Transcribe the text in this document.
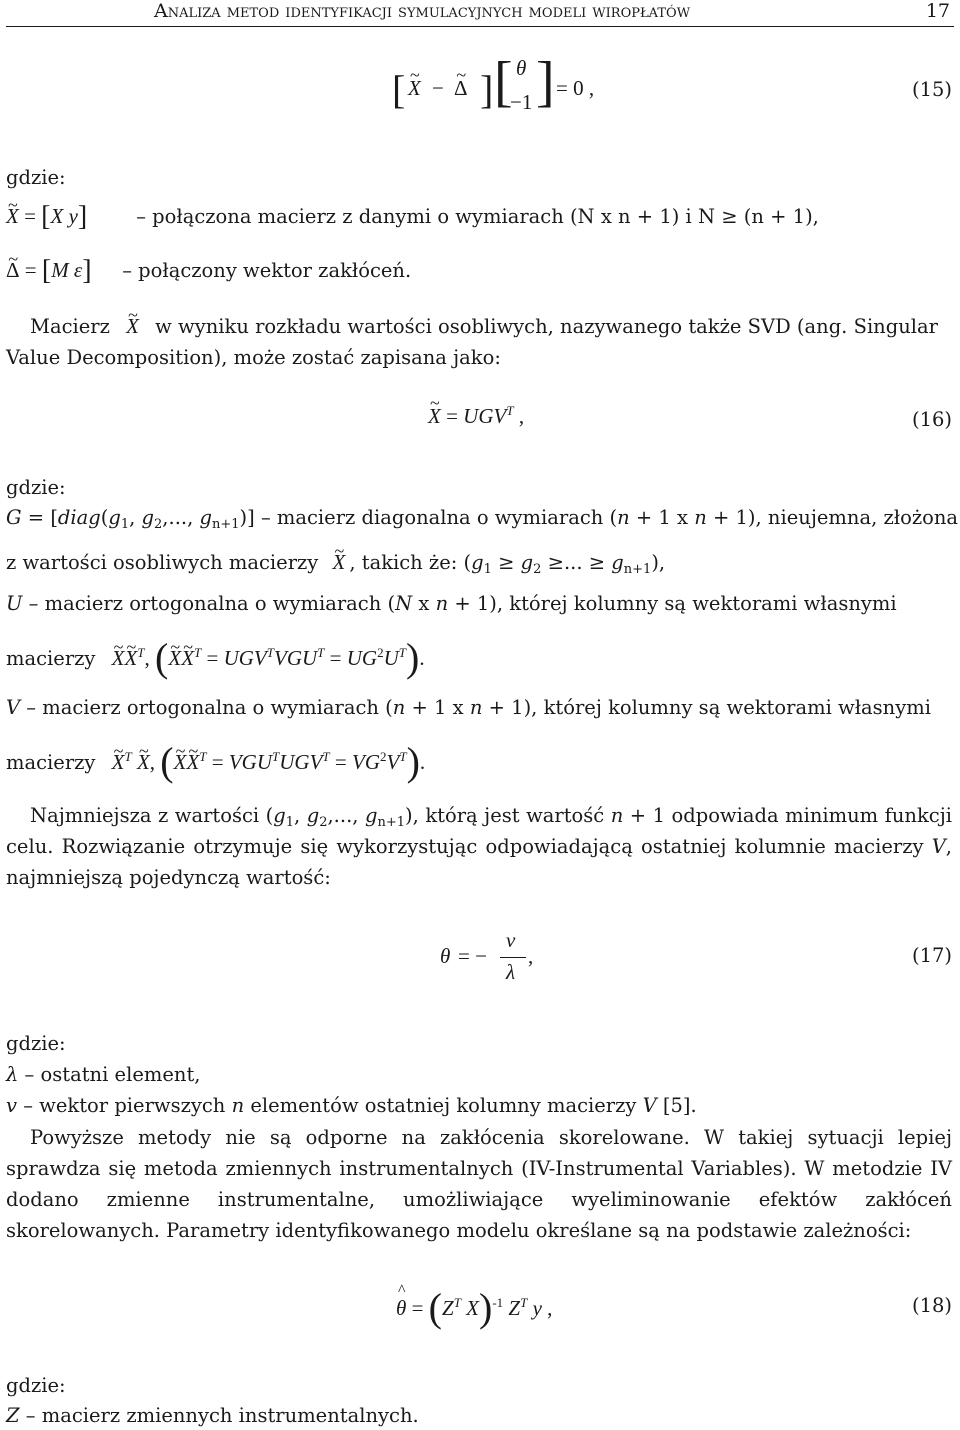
Analiza metod identyfikacji symulacyjnych modeli wiropłatów	17
[ ~ X − ~ Δ ] [ θ
−1 ] = 0 ,	(15)
gdzie:
~ X = [X y]	– połączona macierz z danymi o wymiarach (N x n + 1) i N ≥ (n + 1),
~ Δ = [M ε] – połączony wektor zakłóceń.
Macierz ~ X w wyniku rozkładu wartości osobliwych, nazywanego także SVD (ang. Singular
Value Decomposition), może zostać zapisana jako:
~ $X = UGV^T$ ,	(16)
gdzie:
$G = [diag(g_1$, $g_2$,..., $g_{n+1}$)] – macierz diagonalna o wymiarach (n + 1 x n + 1), nieujemna, złożona
z wartości osobliwych macierzy ~ X , takich że: ($g_1 \ge g_2$ ≥... ≥ $g_{n+1}$),
U – macierz ortogonalna o wymiarach (N x n + 1), której kolumny są wektorami własnymi
macierzy ~ X~ $X^T$, (~ X~ $X^T = UGV^TVGU^T = UG^2U^T$).
V – macierz ortogonalna o wymiarach (n + 1 x n + 1), której kolumny są wektorami własnymi
macierzy ~ $X^T$ ~ X, (~ X~ $X^T = VGU^TUGV^T = VG^2V^T$).
Najmniejsza z wartości ($g_1$, $g_2$,..., $g_{n+1}$), którą jest wartość n + 1 odpowiada minimum funkcji celu. Rozwiązanie otrzymuje się wykorzystując odpowiadającą ostatniej kolumnie macierzy V, najmniejszą pojedynczą wartość:
θ = −
ν
λ
,	(17)
gdzie:
λ – ostatni element,
v – wektor pierwszych n elementów ostatniej kolumny macierzy V [5].
Powyższe metody nie są odporne na zakłócenia skorelowane. W takiej sytuacji lepiej sprawdza się metoda zmiennych instrumentalnych (IV-Instrumental Variables). W metodzie IV dodano zmienne instrumentalne, umożliwiające wyeliminowanie efektów zakłóceń skorelowanych. Parametry identyfikowanego modelu określane są na podstawie zależności:
θ
^
= ($Z^T$ X)$^{-1}$ $Z^T$ y ,	(18)
gdzie:
Z – macierz zmiennych instrumentalnych.
